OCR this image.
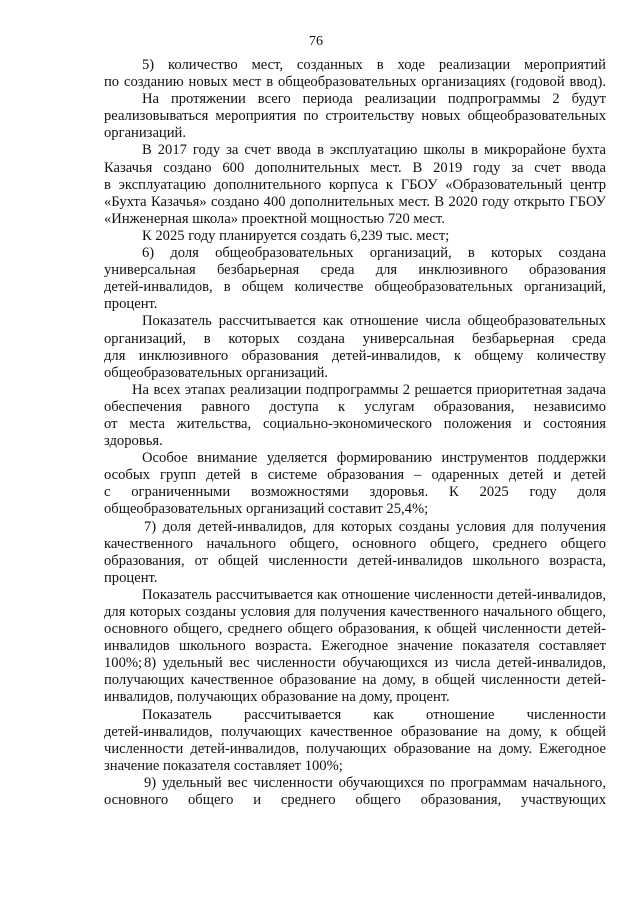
76
5) количество мест, созданных в ходе реализации мероприятий
по созданию новых мест в общеобразовательных организациях (годовой ввод).
На протяжении всего периода реализации подпрограммы 2 будут
реализовываться мероприятия по строительству новых общеобразовательных
организаций.
В 2017 году за счет ввода в эксплуатацию школы в микрорайоне бухта
Казачья создано 600 дополнительных мест. В 2019 году за счет ввода
в эксплуатацию дополнительного корпуса к ГБОУ «Образовательный центр
«Бухта Казачья» создано 400 дополнительных мест. В 2020 году открыто ГБОУ
«Инженерная школа» проектной мощностью 720 мест.
К 2025 году планируется создать 6,239 тыс. мест;
6) доля общеобразовательных организаций, в которых создана
универсальная безбарьерная среда для инклюзивного образования
детей-инвалидов, в общем количестве общеобразовательных организаций,
процент.
Показатель рассчитывается как отношение числа общеобразовательных
организаций, в которых создана универсальная безбарьерная среда
для инклюзивного образования детей-инвалидов, к общему количеству
общеобразовательных организаций.
На всех этапах реализации подпрограммы 2 решается приоритетная задача
обеспечения равного доступа к услугам образования, независимо
от места жительства, социально-экономического положения и состояния
здоровья.
Особое внимание уделяется формированию инструментов поддержки
особых групп детей в системе образования – одаренных детей и детей
с ограниченными возможностями здоровья. К 2025 году доля
общеобразовательных организаций составит 25,4%;
7) доля детей-инвалидов, для которых созданы условия для получения
качественного начального общего, основного общего, среднего общего
образования, от общей численности детей-инвалидов школьного возраста,
процент.
Показатель рассчитывается как отношение численности детей-инвалидов,
для которых созданы условия для получения качественного начального общего,
основного общего, среднего общего образования, к общей численности детей-
инвалидов школьного возраста. Ежегодное значение показателя составляет 100%; 8) удельный вес численности обучающихся из числа детей-инвалидов,
получающих качественное образование на дому, в общей численности детей-
инвалидов, получающих образование на дому, процент.
Показатель рассчитывается как отношение численности
детей-инвалидов, получающих качественное образование на дому, к общей
численности детей-инвалидов, получающих образование на дому. Ежегодное
значение показателя составляет 100%;
9) удельный вес численности обучающихся по программам начального,
основного общего и среднего общего образования, участвующих
